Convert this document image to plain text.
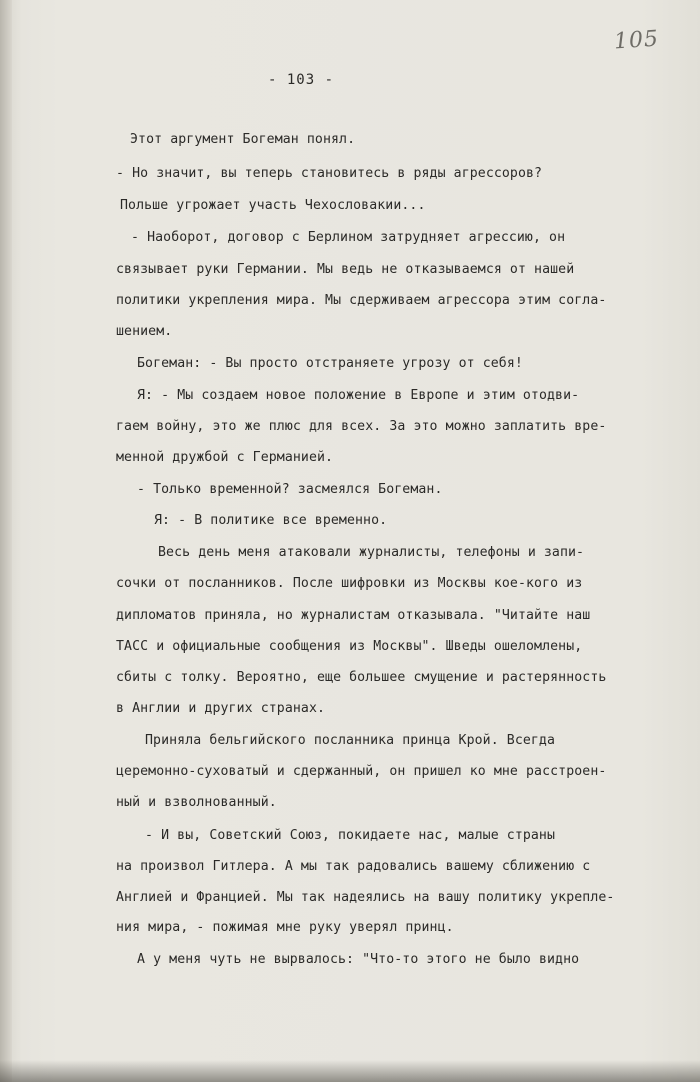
105
- 103 -
Этот аргумент Богеман понял.
- Но значит, вы теперь становитесь в ряды агрессоров?
Польше угрожает участь Чехословакии...
- Наоборот, договор с Берлином затрудняет агрессию, он
связывает руки Германии. Мы ведь не отказываемся от нашей
политики укрепления мира. Мы сдерживаем агрессора этим соглa-
шением.
Богеман: - Вы просто отстраняете угрозу от себя!
Я: - Мы создаем новое положение в Европе и этим отодви-
гаем войну, это же плюс для всех. За это можно заплатить вре-
менной дружбой с Германией.
- Только временной? засмеялся Богеман.
Я: - В политике все временно.
Весь день меня атаковали журналисты, телефоны и запи-
сочки от посланников. После шифровки из Москвы кое-кого из
дипломатов приняла, но журналистам отказывала. "Читайте наш
ТАСС и официальные сообщения из Москвы". Шведы ошеломлены,
сбиты с толку. Вероятно, еще большее смущение и растерянность
в Англии и других странах.
Приняла бельгийского посланника принца Крой. Всегда
церемонно-суховатый и сдержанный, он пришел ко мне расстроен-
ный и взволнованный.
- И вы, Советский Союз, покидаете нас, малые страны
на произвол Гитлера. А мы так радовались вашему сближению с
Англией и Францией. Мы так надеялись на вашу политику укрепле-
ния мира, - пожимая мне руку уверял принц.
А у меня чуть не вырвалось: "Что-то этого не было видно
